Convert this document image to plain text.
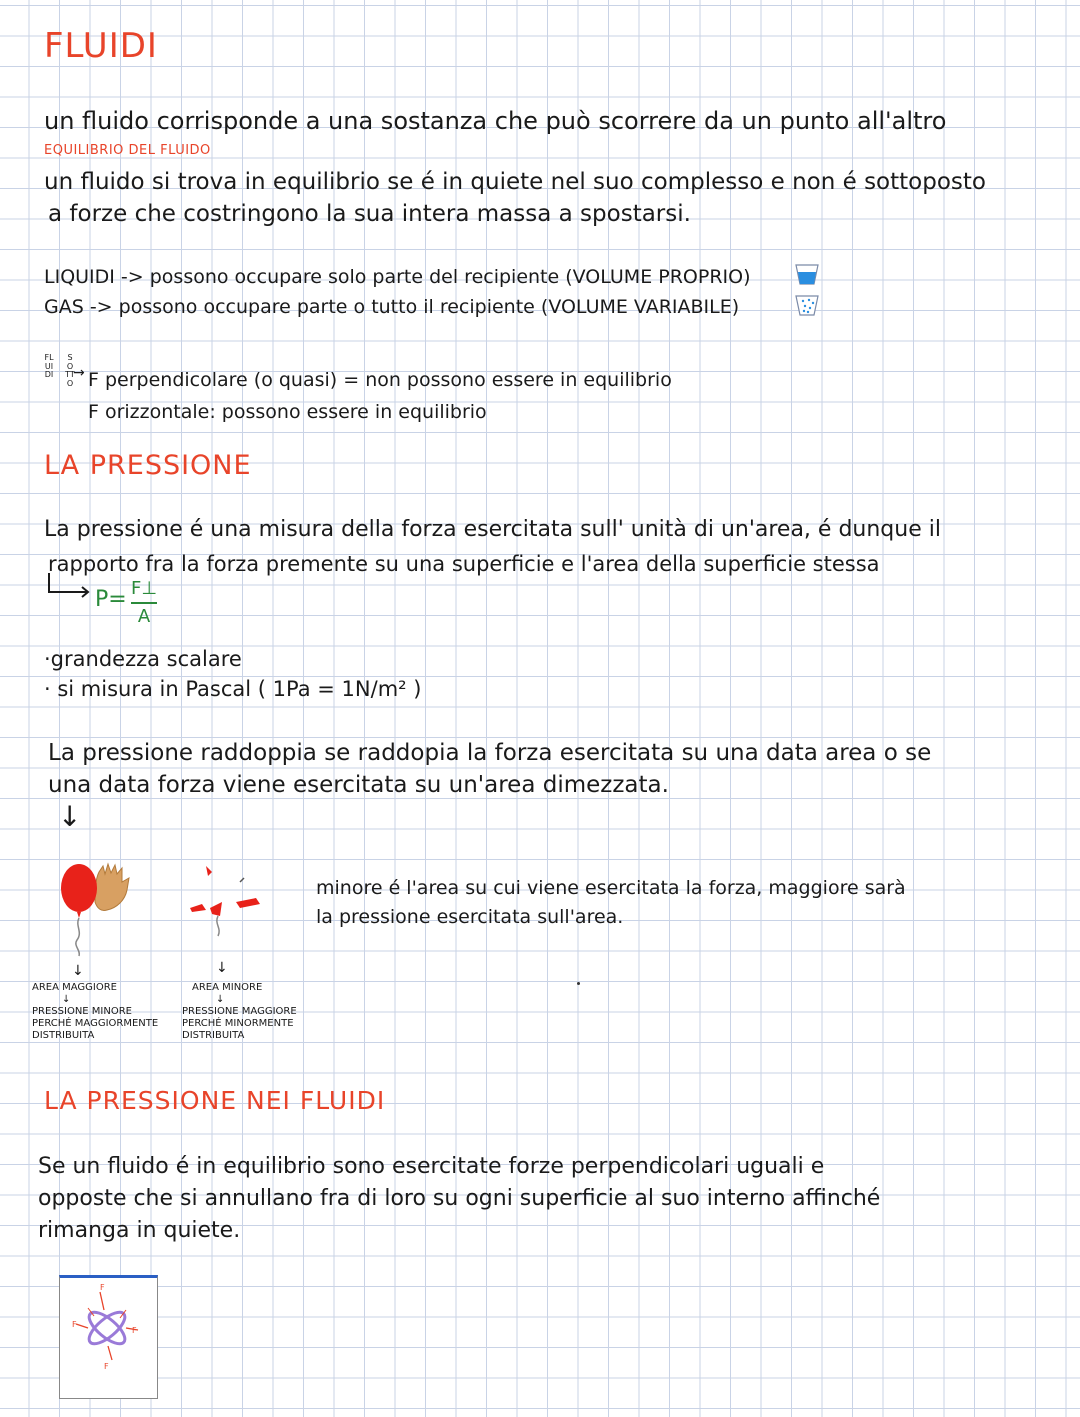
FLUIDI
un fluido corrisponde a una sostanza che può scorrere da un punto all'altro
EQUILIBRIO DEL FLUIDO
un fluido si trova in equilibrio se é in quiete nel suo complesso e non é sottoposto
a forze che costringono la sua intera massa a spostarsi.
LIQUIDI -> possono occupare solo parte del recipiente (VOLUME PROPRIO)
GAS -> possono occupare parte o tutto il recipiente (VOLUME VARIABILE)
FLUIDI
SOTTO
→ F perpendicolare (o quasi) = non possono essere in equilibrio
F orizzontale: possono essere in equilibrio
LA PRESSIONE
La pressione é una misura della forza esercitata sull' unità di un'area, é dunque il
rapporto fra la forza premente su una superficie e l'area della superficie stessa
P= F⊥
A
·grandezza scalare
· si misura in Pascal ( 1Pa = 1N/m² )
La pressione raddoppia se raddopia la forza esercitata su una data area o se
una data forza viene esercitata su un'area dimezzata.
↓
minore é l'area su cui viene esercitata la forza, maggiore sarà
la pressione esercitata sull'area.
↓	↓
AREA MAGGIORE
↓
PRESSIONE MINORE
PERCHÉ MAGGIORMENTE
DISTRIBUITA
AREA MINORE
↓
PRESSIONE MAGGIORE
PERCHÉ MINORMENTE
DISTRIBUITA
LA PRESSIONE NEI FLUIDI
Se un fluido é in equilibrio sono esercitate forze perpendicolari uguali e
opposte che si annullano fra di loro su ogni superficie al suo interno affinché
rimanga in quiete.
F
F
F
F
